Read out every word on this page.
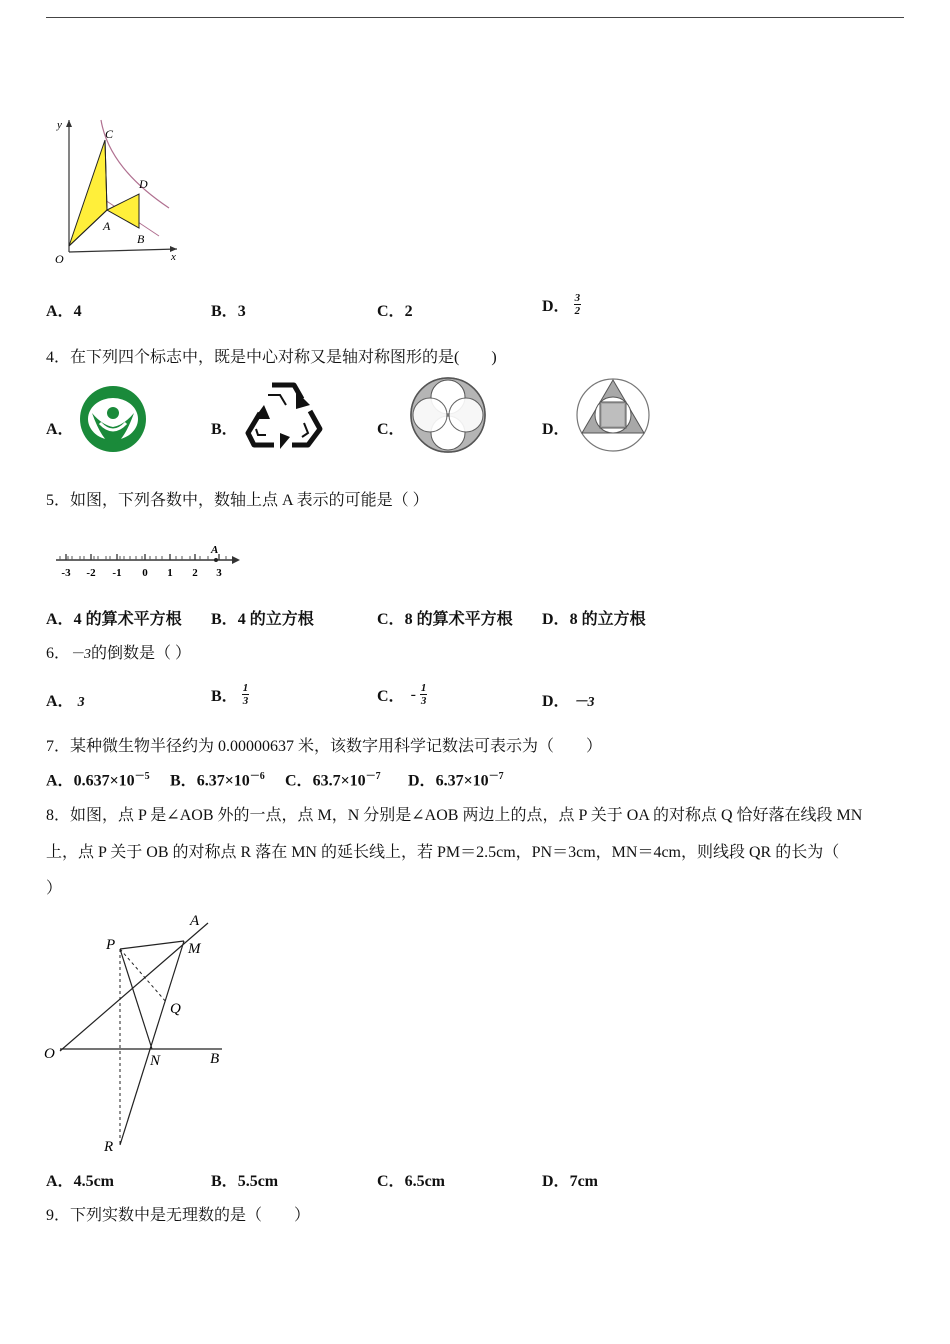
y
x
O
C
D
A
B
A．4	B．3	C．2	D． $\frac{3}{2}$
4．在下列四个标志中，既是中心对称又是轴对称图形的是(　　)
A．	B．	C．	D．
5．如图，下列各数中，数轴上点 A 表示的可能是（ ）
A
-3 -2 -1 0 1 2 3
A．4 的算术平方根 B．4 的立方根	C．8 的算术平方根 D．8 的立方根
6．－3的倒数是（ ）
A． 3	B． $\frac{1}{3}$	C． - $\frac{1}{3}$	D． －3
7．某种微生物半径约为 0.00000637 米，该数字用科学记数法可表示为（　　）
A．$0.637\times 10^{-5}$ B．$6.37\times 10^{-6}$ C．$63.7\times 10^{-7}$ D．$6.37\times 10^{-7}$
8．如图，点 P 是∠AOB 外的一点，点 M，N 分别是∠AOB 两边上的点，点 P 关于 OA 的对称点 Q 恰好落在线段 MN
上，点 P 关于 OB 的对称点 R 落在 MN 的延长线上，若 PM＝2.5cm，PN＝3cm，MN＝4cm，则线段 QR 的长为（
）
A
P	M
Q
O	N	B
R
A．4.5cm	B．5.5cm	C．6.5cm	D．7cm
9．下列实数中是无理数的是（　　）
